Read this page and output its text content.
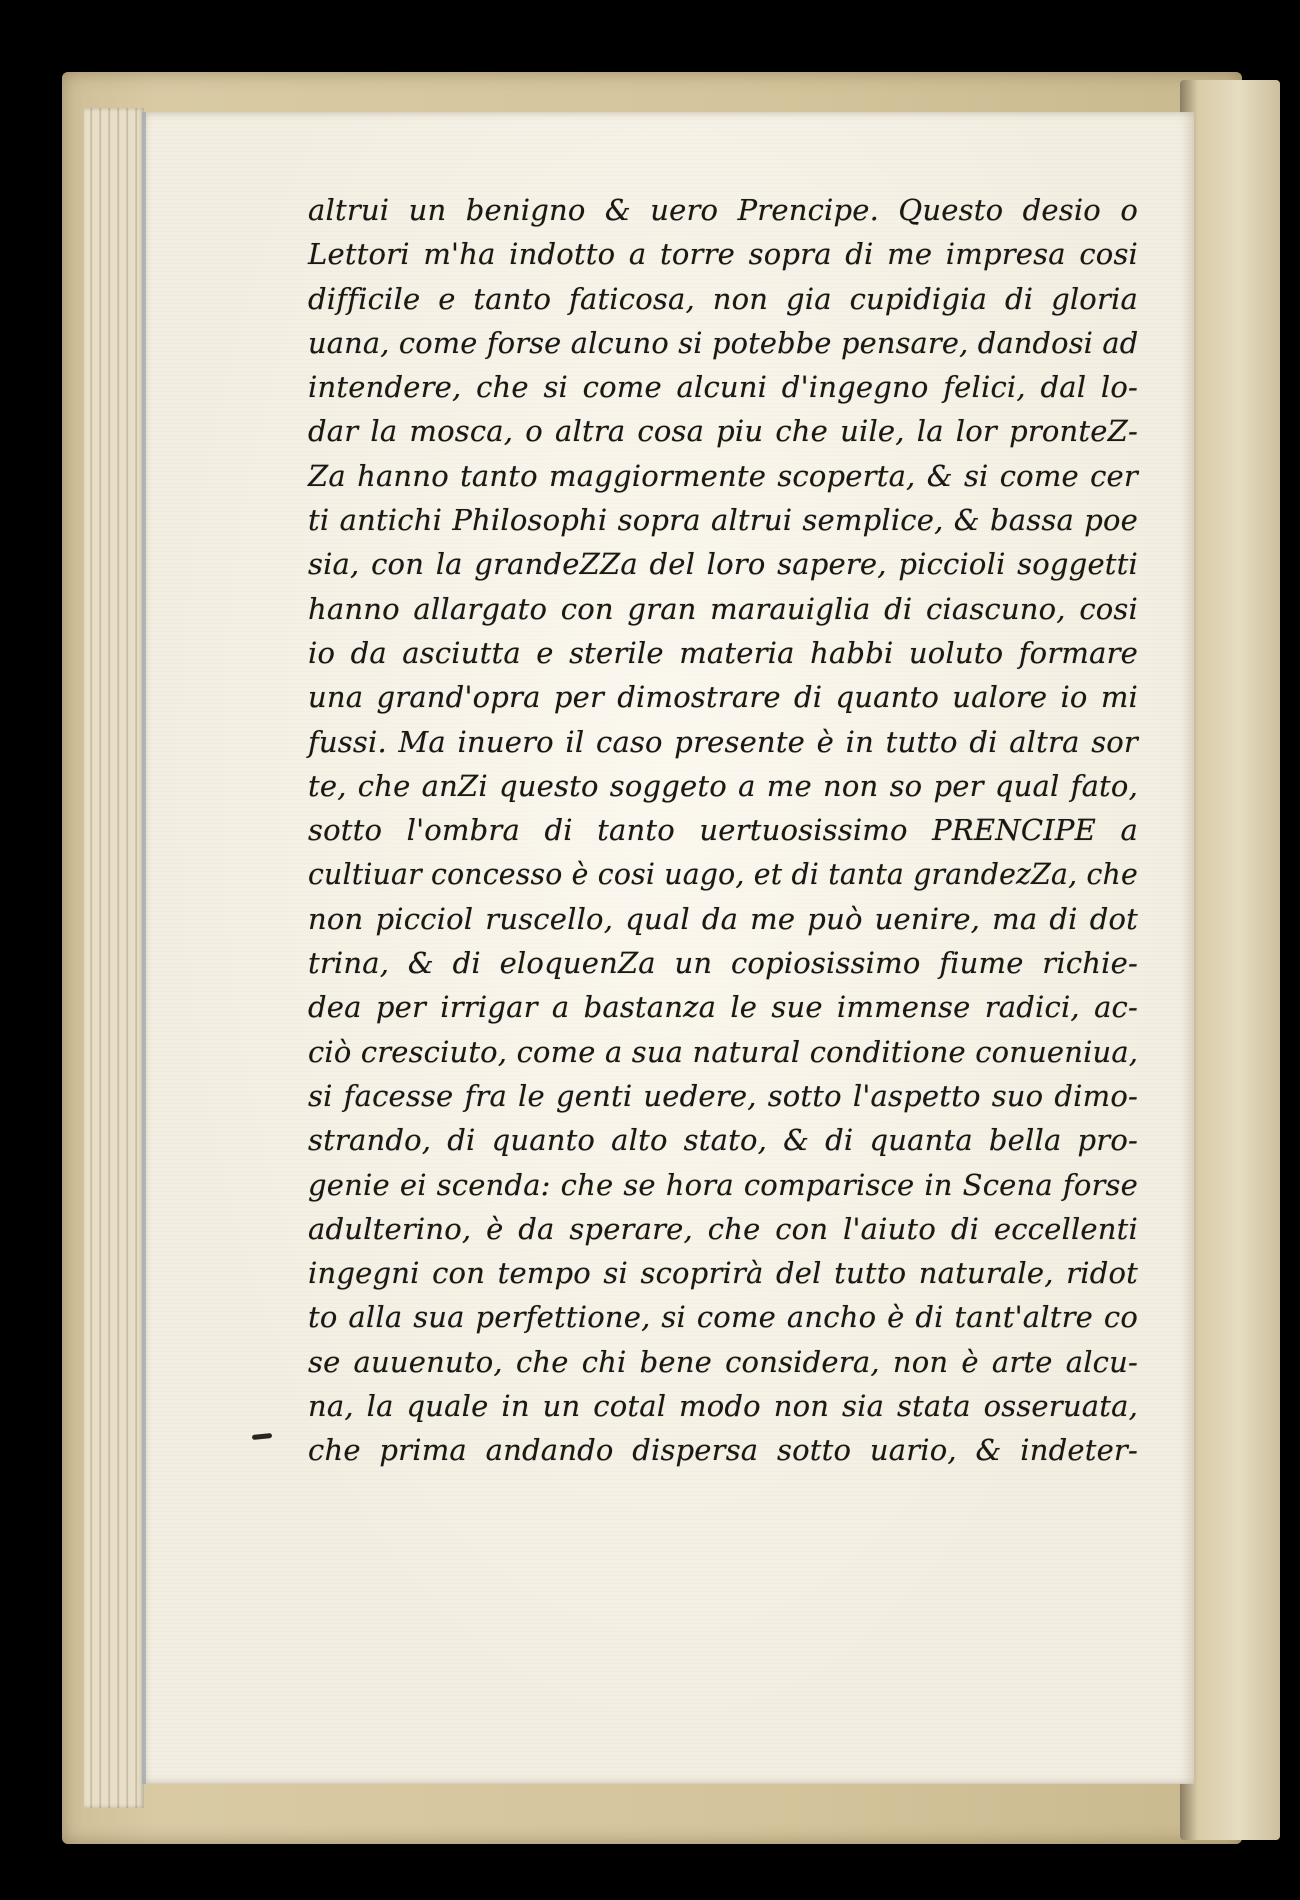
altrui un benigno & uero Prencipe. Questo desio o
Lettori m'ha indotto a torre sopra di me impresa cosi
difficile e tanto faticosa, non gia cupidigia di gloria
uana, come forse alcuno si potebbe pensare, dandosi ad
intendere, che si come alcuni d'ingegno felici, dal lo-
dar la mosca, o altra cosa piu che uile, la lor pronteZ-
Za hanno tanto maggiormente scoperta, & si come cer
ti antichi Philosophi sopra altrui semplice, & bassa poe
sia, con la grandeZZa del loro sapere, piccioli soggetti
hanno allargato con gran marauiglia di ciascuno, cosi
io da asciutta e sterile materia habbi uoluto formare
una grand'opra per dimostrare di quanto ualore io mi
fussi. Ma inuero il caso presente è in tutto di altra sor
te, che anZi questo soggeto a me non so per qual fato,
sotto l'ombra di tanto uertuosissimo PRENCIPE a
cultiuar concesso è cosi uago, et di tanta grandezZa, che
non picciol ruscello, qual da me può uenire, ma di dot
trina, & di eloquenZa un copiosissimo fiume richie-
dea per irrigar a bastanza le sue immense radici, ac-
ciò cresciuto, come a sua natural conditione conueniua,
si facesse fra le genti uedere, sotto l'aspetto suo dimo-
strando, di quanto alto stato, & di quanta bella pro-
genie ei scenda: che se hora comparisce in Scena forse
adulterino, è da sperare, che con l'aiuto di eccellenti
ingegni con tempo si scoprirà del tutto naturale, ridot
to alla sua perfettione, si come ancho è di tant'altre co
se auuenuto, che chi bene considera, non è arte alcu-
na, la quale in un cotal modo non sia stata osseruata,
che prima andando dispersa sotto uario, & indeter-
